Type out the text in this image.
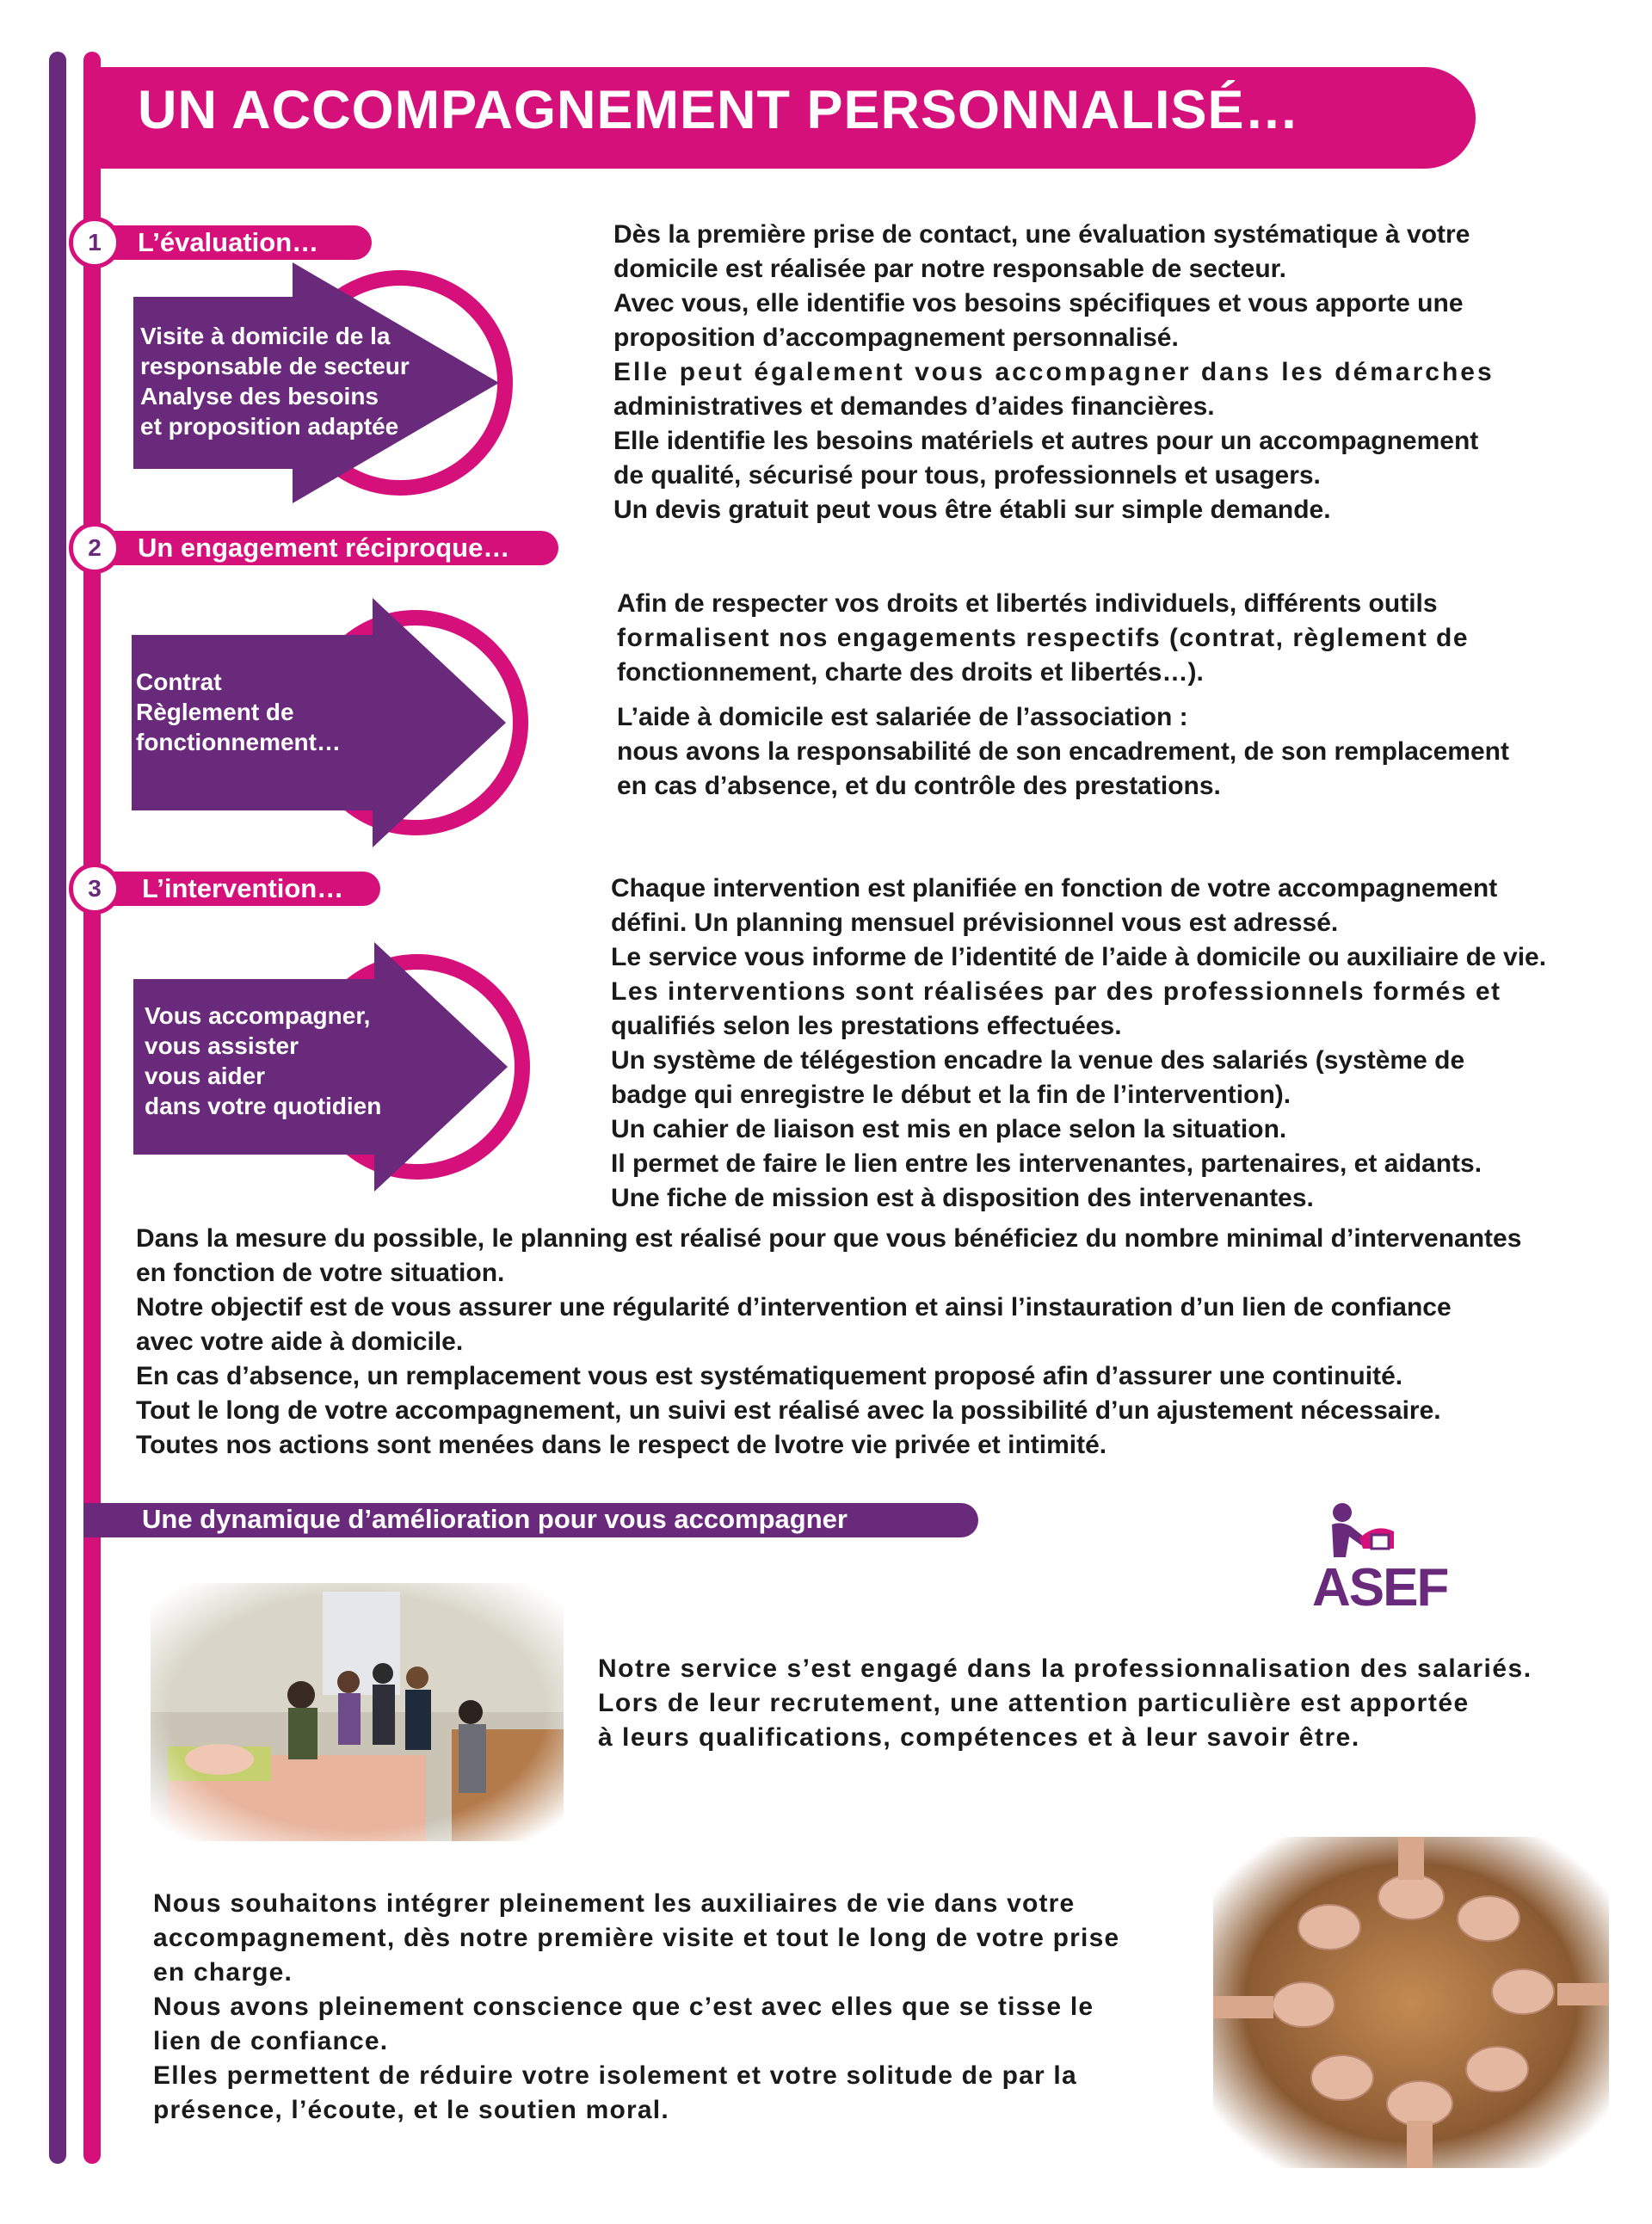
UN ACCOMPAGNEMENT PERSONNALISÉ…
1	L’évaluation…
Visite à domicile de la
responsable de secteur
Analyse des besoins
et proposition adaptée

Dès la première prise de contact, une évaluation systématique à votre

domicile est réalisée par notre responsable de secteur.

Avec vous, elle identifie vos besoins spécifiques et vous apporte une

proposition d’accompagnement personnalisé.

Elle peut également vous accompagner dans les démarches

administratives et demandes d’aides financières.

Elle identifie les besoins matériels et autres pour un accompagnement

de qualité, sécurisé pour tous, professionnels et usagers.

Un devis gratuit peut vous être établi sur simple demande.

2	Un engagement réciproque…
Contrat
Règlement de
fonctionnement…

Afin de respecter vos droits et libertés individuels, différents outils

formalisent nos engagements respectifs (contrat, règlement de

fonctionnement, charte des droits et libertés…).

L’aide à domicile est salariée de l’association :

nous avons la responsabilité de son encadrement, de son remplacement

en cas d’absence, et du contrôle des prestations.

3	L’intervention…
Vous accompagner,
vous assister
vous aider
dans votre quotidien

Chaque intervention est planifiée en fonction de votre accompagnement

défini. Un planning mensuel prévisionnel vous est adressé.

Le service vous informe de l’identité de l’aide à domicile ou auxiliaire de vie.

Les interventions sont réalisées par des professionnels formés et

qualifiés selon les prestations effectuées.

Un système de télégestion encadre la venue des salariés (système de

badge qui enregistre le début et la fin de l’intervention).

Un cahier de liaison est mis en place selon la situation.

Il permet de faire le lien entre les intervenantes, partenaires, et aidants.

Une fiche de mission est à disposition des intervenantes.

Dans la mesure du possible, le planning est réalisé pour que vous bénéficiez du nombre minimal d’intervenantes

en fonction de votre situation.

Notre objectif est de vous assurer une régularité d’intervention et ainsi l’instauration d’un lien de confiance

avec votre aide à domicile.

En cas d’absence, un remplacement vous est systématiquement proposé afin d’assurer une continuité.

Tout le long de votre accompagnement, un suivi est réalisé avec la possibilité d’un ajustement nécessaire.

Toutes nos actions sont menées dans le respect de lvotre vie privée et intimité.

Une dynamique d’amélioration pour vous accompagner
ASEF

Notre service s’est engagé dans la professionnalisation des salariés.

Lors de leur recrutement, une attention particulière est apportée

à leurs qualifications, compétences et à leur savoir être.

Nous souhaitons intégrer pleinement les auxiliaires de vie dans votre

accompagnement, dès notre première visite et tout le long de votre prise

en charge.

Nous avons pleinement conscience que c’est avec elles que se tisse le

lien de confiance.

Elles permettent de réduire votre isolement et votre solitude de par la

présence, l’écoute, et le soutien moral.
